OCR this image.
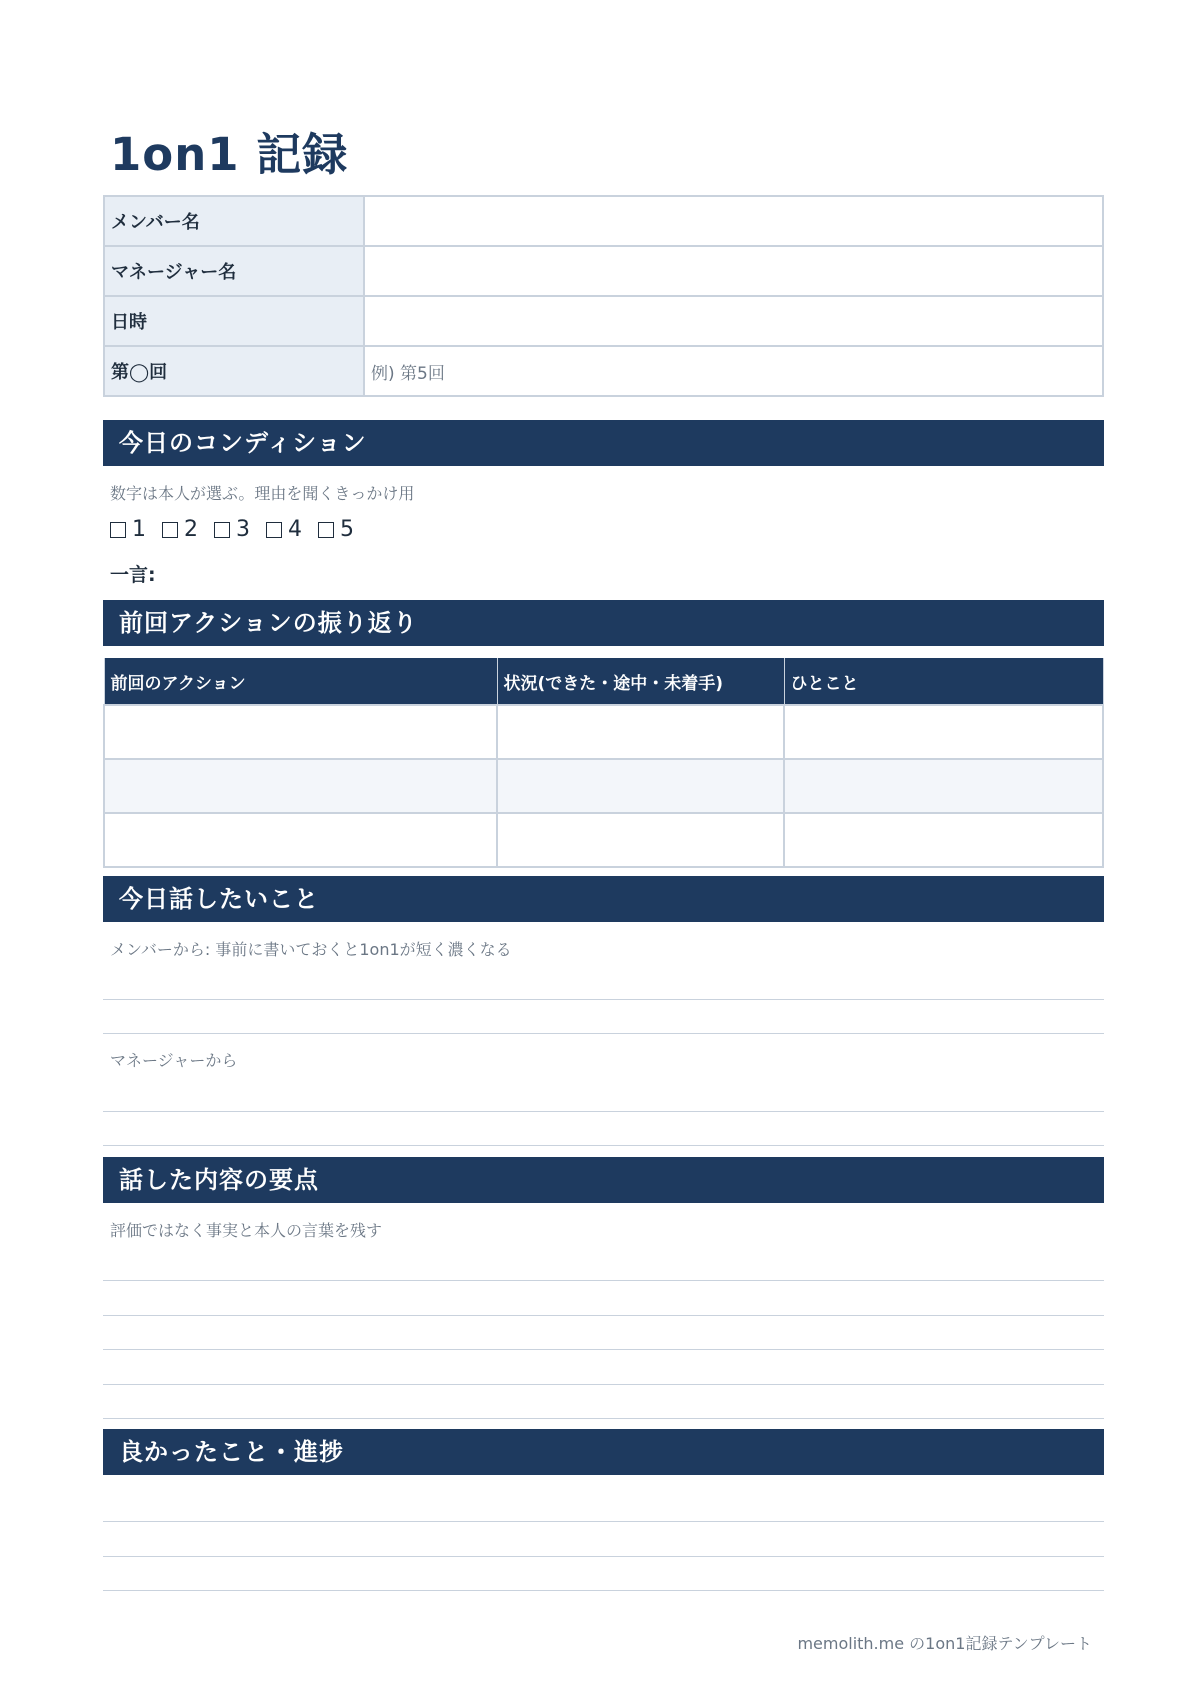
1on1 記録
メンバー名	
マネージャー名	
日時	
第◯回	例) 第5回
今日のコンディション
数字は本人が選ぶ。理由を聞くきっかけ用
1 2 3 4 5
一言:
前回アクションの振り返り
前回のアクション	状況(できた・途中・未着手)	ひとこと

今日話したいこと
メンバーから: 事前に書いておくと1on1が短く濃くなる
マネージャーから
話した内容の要点
評価ではなく事実と本人の言葉を残す
良かったこと・進捗
memolith.me の1on1記録テンプレート
